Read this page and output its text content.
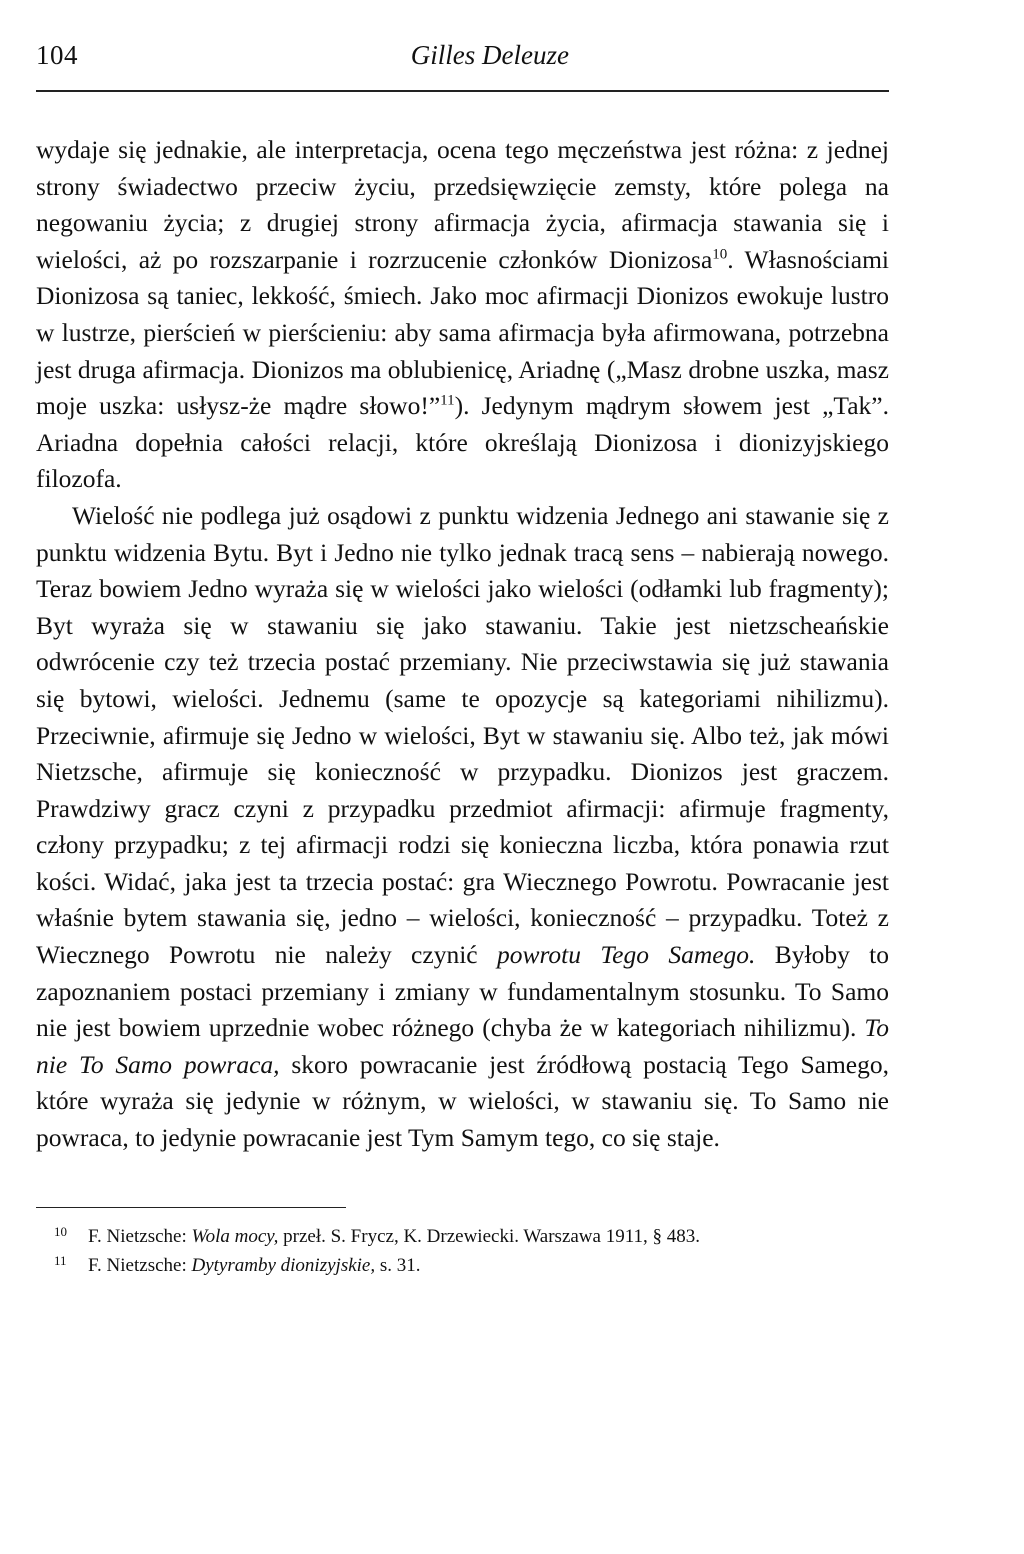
104	Gilles Deleuze

wydaje się jednakie, ale interpretacja, ocena tego męczeństwa jest różna: z jednej strony świadectwo przeciw życiu, przedsięwzięcie zemsty, które polega na negowaniu życia; z drugiej strony afirmacja życia, afirmacja stawania się i wielości, aż po rozszarpanie i rozrzucenie członków Dionizosa$^{10}$. Własnościami Dionizosa są taniec, lekkość, śmiech. Jako moc afirmacji Dionizos ewokuje lustro w lustrze, pierścień w pierścieniu: aby sama afirmacja była afirmowana, potrzebna jest druga afirmacja. Dionizos ma oblubienicę, Ariadnę („Masz drobne uszka, masz moje uszka: usłysz-że mądre słowo!”$^{11}$). Jedynym mądrym słowem jest „Tak”. Ariadna dopełnia całości relacji, które określają Dionizosa i dionizyjskiego filozofa.

Wielość nie podlega już osądowi z punktu widzenia Jednego ani stawanie się z punktu widzenia Bytu. Byt i Jedno nie tylko jednak tracą sens – nabierają nowego. Teraz bowiem Jedno wyraża się w wielości jako wielości (odłamki lub fragmenty); Byt wyraża się w stawaniu się jako stawaniu. Takie jest nietzscheańskie odwrócenie czy też trzecia postać przemiany. Nie przeciwstawia się już stawania się bytowi, wielości. Jednemu (same te opozycje są kategoriami nihilizmu). Przeciwnie, afirmuje się Jedno w wielości, Byt w stawaniu się. Albo też, jak mówi Nietzsche, afirmuje się konieczność w przypadku. Dionizos jest graczem. Prawdziwy gracz czyni z przypadku przedmiot afirmacji: afirmuje fragmenty, człony przypadku; z tej afirmacji rodzi się konieczna liczba, która ponawia rzut kości. Widać, jaka jest ta trzecia postać: gra Wiecznego Powrotu. Powracanie jest właśnie bytem stawania się, jedno – wielości, konieczność – przypadku. Toteż z Wiecznego Powrotu nie należy czynić powrotu Tego Samego. Byłoby to zapoznaniem postaci przemiany i zmiany w fundamentalnym stosunku. To Samo nie jest bowiem uprzednie wobec różnego (chyba że w kategoriach nihilizmu). To nie To Samo powraca, skoro powracanie jest źródłową postacią Tego Samego, które wyraża się jedynie w różnym, w wielości, w stawaniu się. To Samo nie powraca, to jedynie powracanie jest Tym Samym tego, co się staje.

10	F. Nietzsche: Wola mocy, przeł. S. Frycz, K. Drzewiecki. Warszawa 1911, § 483.
11	F. Nietzsche: Dytyramby dionizyjskie, s. 31.
